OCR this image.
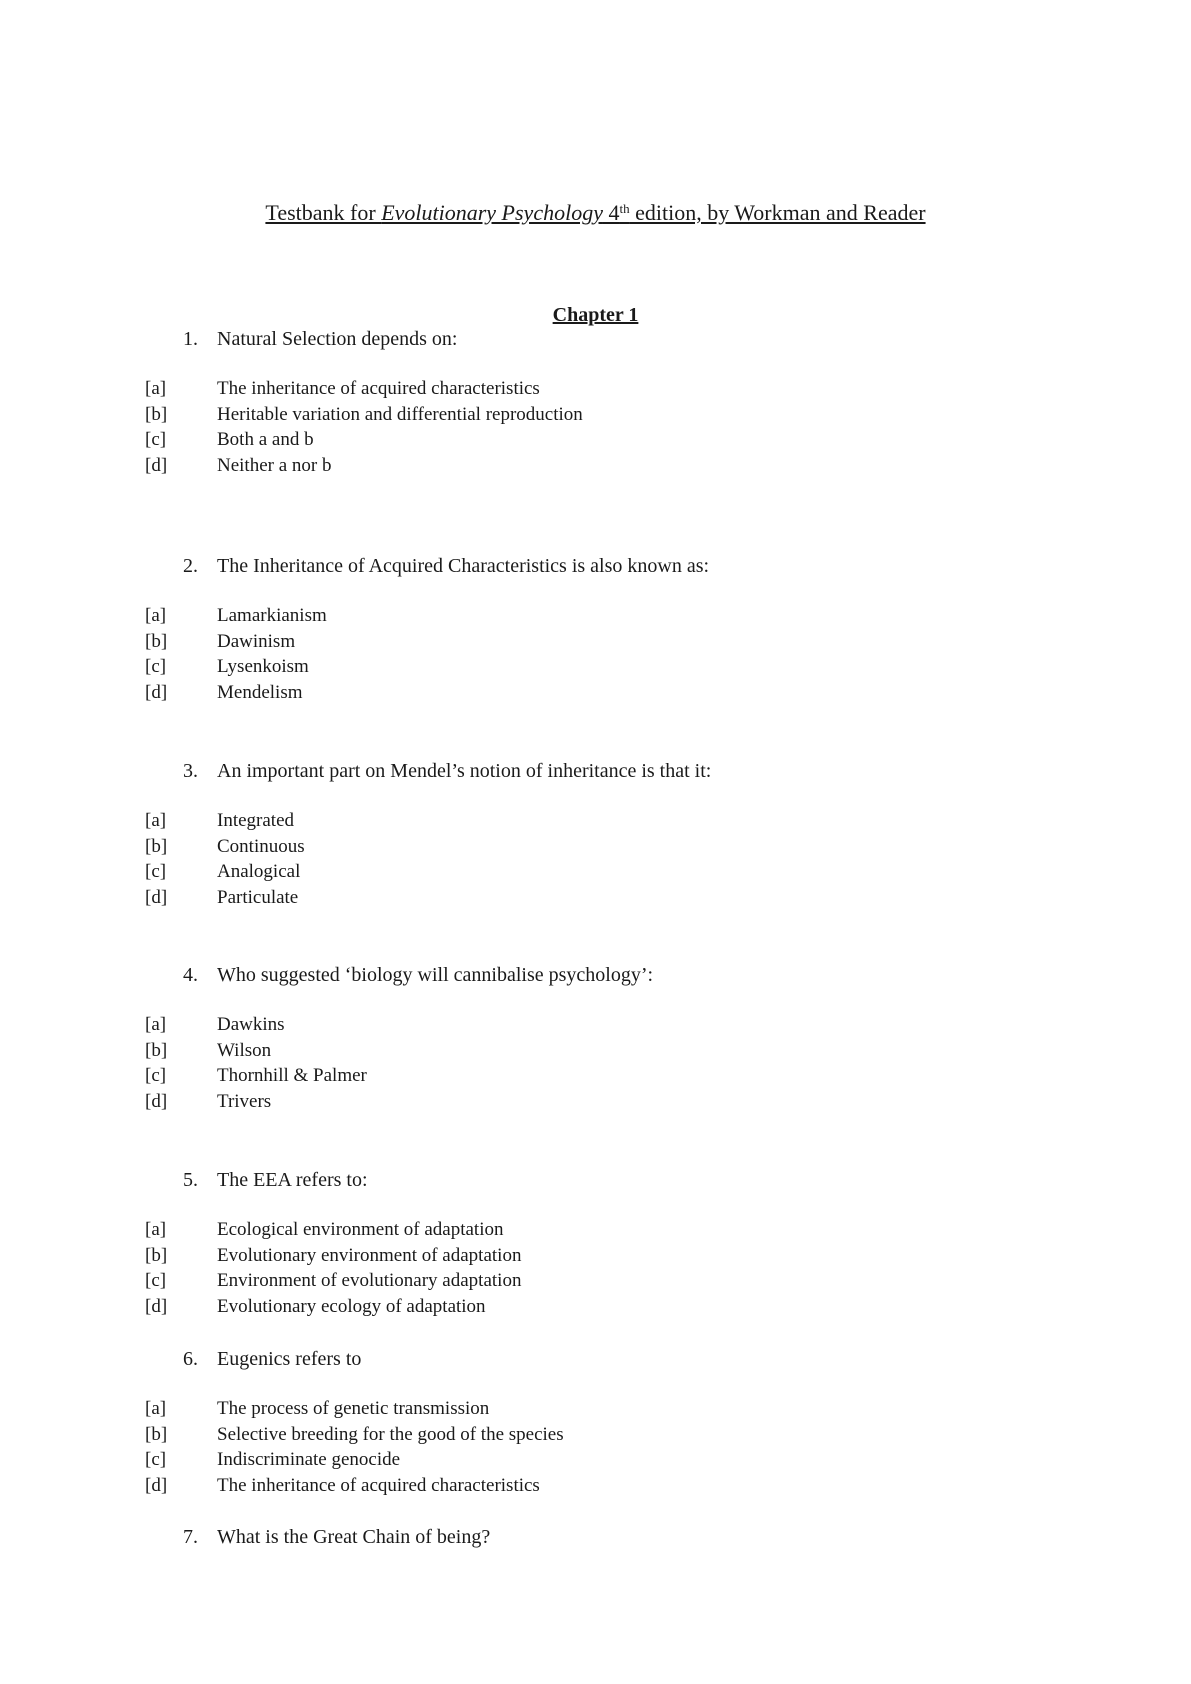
Testbank for Evolutionary Psychology 4th edition, by Workman and Reader
Chapter 1
1. Natural Selection depends on:
[a]	The inheritance of acquired characteristics
[b]	Heritable variation and differential reproduction
[c]	Both a and b
[d]	Neither a nor b
2. The Inheritance of Acquired Characteristics is also known as:
[a]	Lamarkianism
[b]	Dawinism
[c]	Lysenkoism
[d]	Mendelism
3. An important part on Mendel’s notion of inheritance is that it:
[a]	Integrated
[b]	Continuous
[c]	Analogical
[d]	Particulate
4. Who suggested ‘biology will cannibalise psychology’:
[a]	Dawkins
[b]	Wilson
[c]	Thornhill & Palmer
[d]	Trivers
5. The EEA refers to:
[a]	Ecological environment of adaptation
[b]	Evolutionary environment of adaptation
[c]	Environment of evolutionary adaptation
[d]	Evolutionary ecology of adaptation
6. Eugenics refers to
[a]	The process of genetic transmission
[b]	Selective breeding for the good of the species
[c]	Indiscriminate genocide
[d]	The inheritance of acquired characteristics
7. What is the Great Chain of being?
